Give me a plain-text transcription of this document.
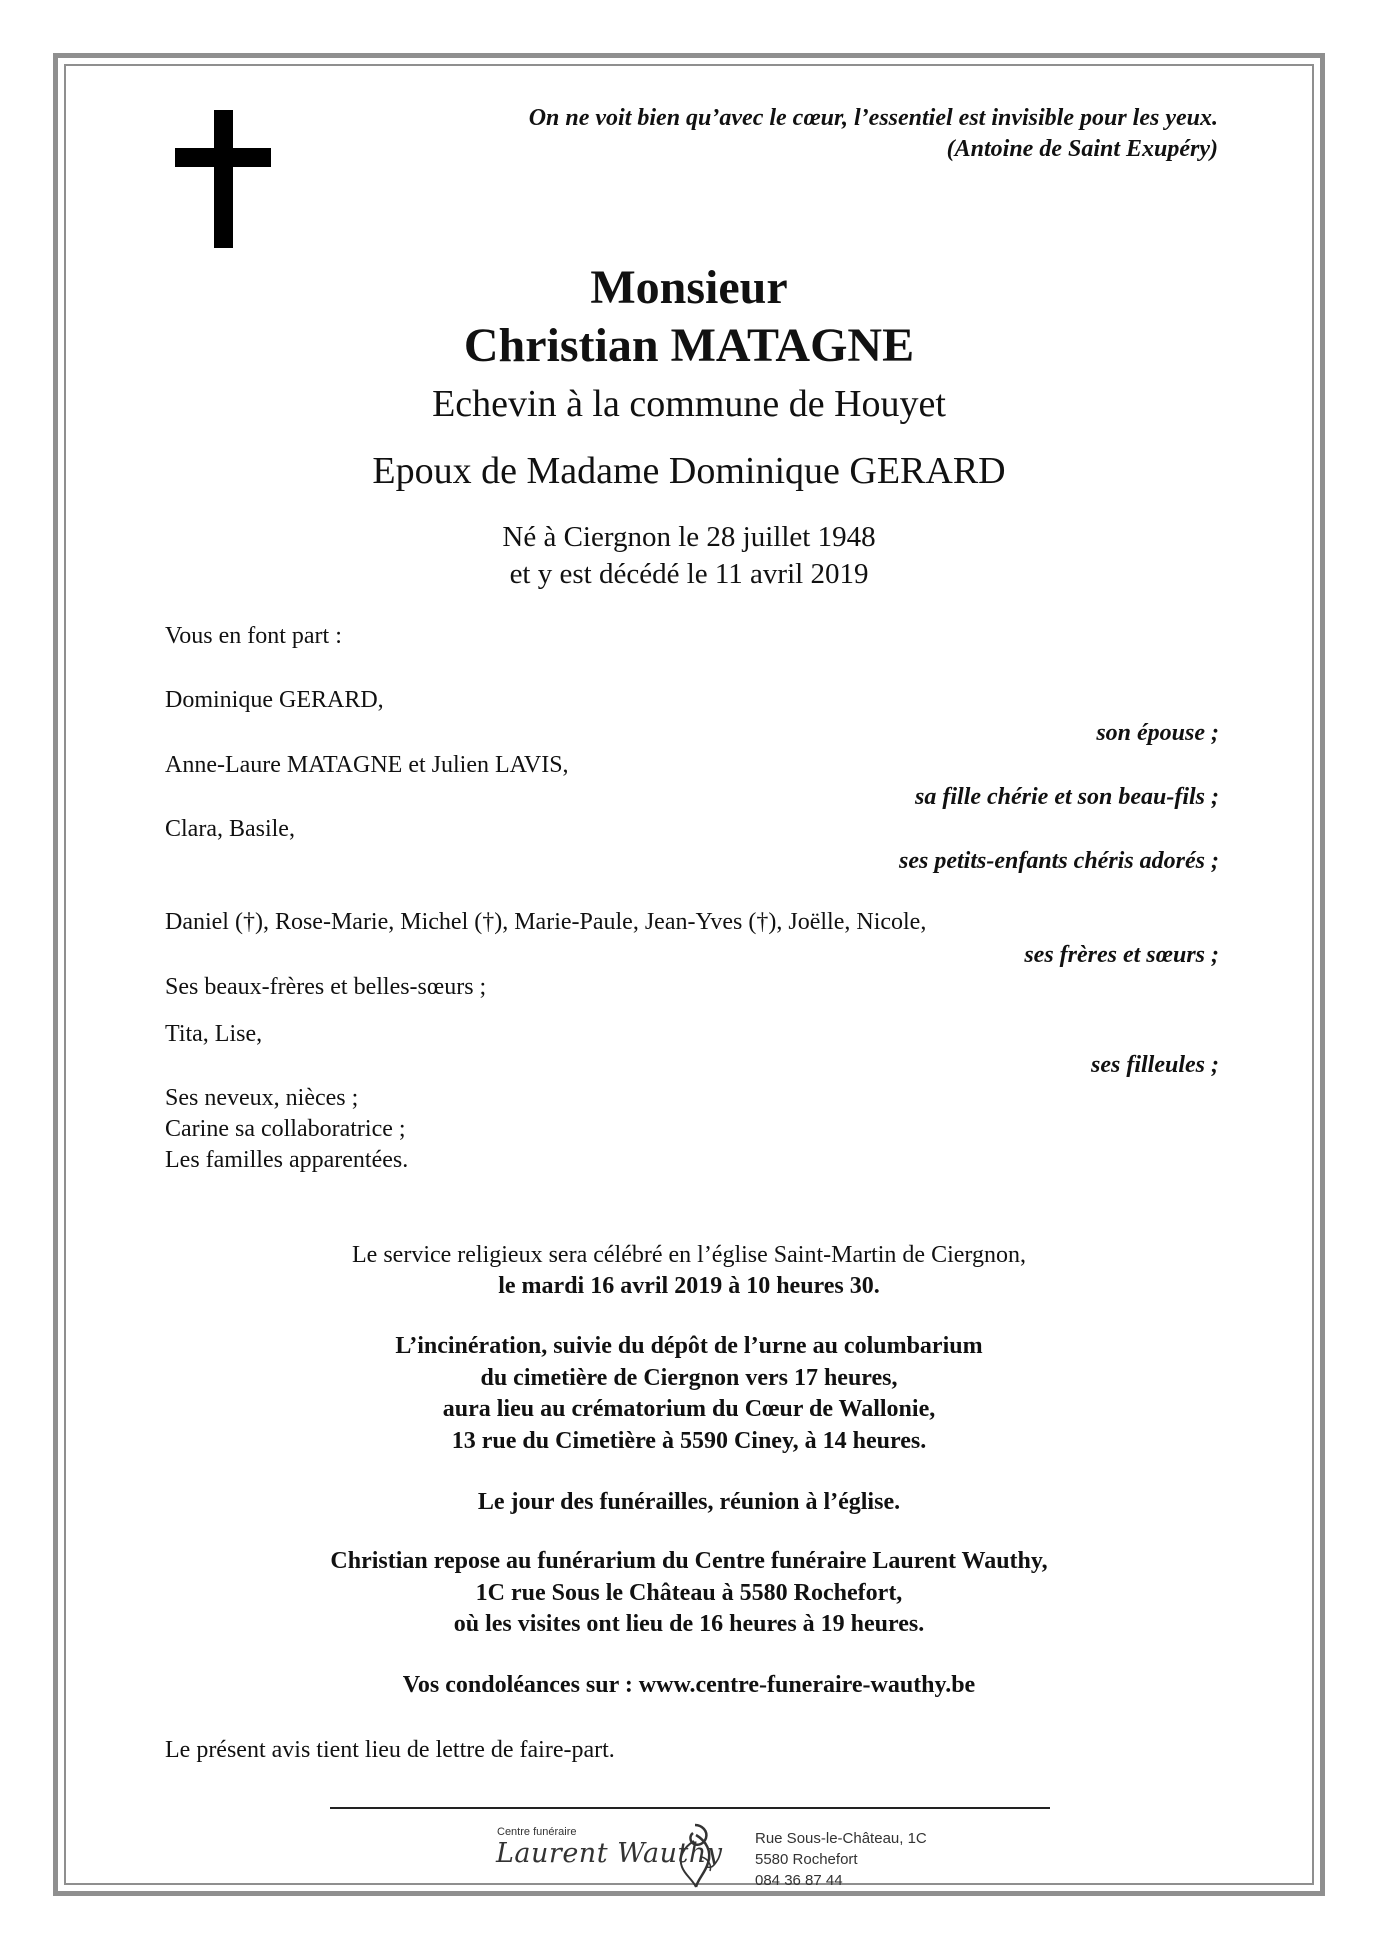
On ne voit bien qu’avec le cœur, l’essentiel est invisible pour les yeux.
(Antoine de Saint Exupéry)
Monsieur
Christian MATAGNE
Echevin à la commune de Houyet
Epoux de Madame Dominique GERARD
Né à Ciergnon le 28 juillet 1948
et y est décédé le 11 avril 2019
Vous en font part :
Dominique GERARD,
son épouse ;
Anne-Laure MATAGNE et Julien LAVIS,
sa fille chérie et son beau-fils ;
Clara, Basile,
ses petits-enfants chéris adorés ;
Daniel (†), Rose-Marie, Michel (†), Marie-Paule, Jean-Yves (†), Joëlle, Nicole,
ses frères et sœurs ;
Ses beaux-frères et belles-sœurs ;
Tita, Lise,
ses filleules ;
Ses neveux, nièces ;
Carine sa collaboratrice ;
Les familles apparentées.
Le service religieux sera célébré en l’église Saint-Martin de Ciergnon,
le mardi 16 avril 2019 à 10 heures 30.
L’incinération, suivie du dépôt de l’urne au columbarium
du cimetière de Ciergnon vers 17 heures,
aura lieu au crématorium du Cœur de Wallonie,
13 rue du Cimetière à 5590 Ciney, à 14 heures.
Le jour des funérailles, réunion à l’église.
Christian repose au funérarium du Centre funéraire Laurent Wauthy,
1C rue Sous le Château à 5580 Rochefort,
où les visites ont lieu de 16 heures à 19 heures.
Vos condoléances sur : www.centre-funeraire-wauthy.be
Le présent avis tient lieu de lettre de faire-part.
Centre funéraire
Laurent Wauthy Rue Sous-le-Château, 1C
5580 Rochefort
084 36 87 44
